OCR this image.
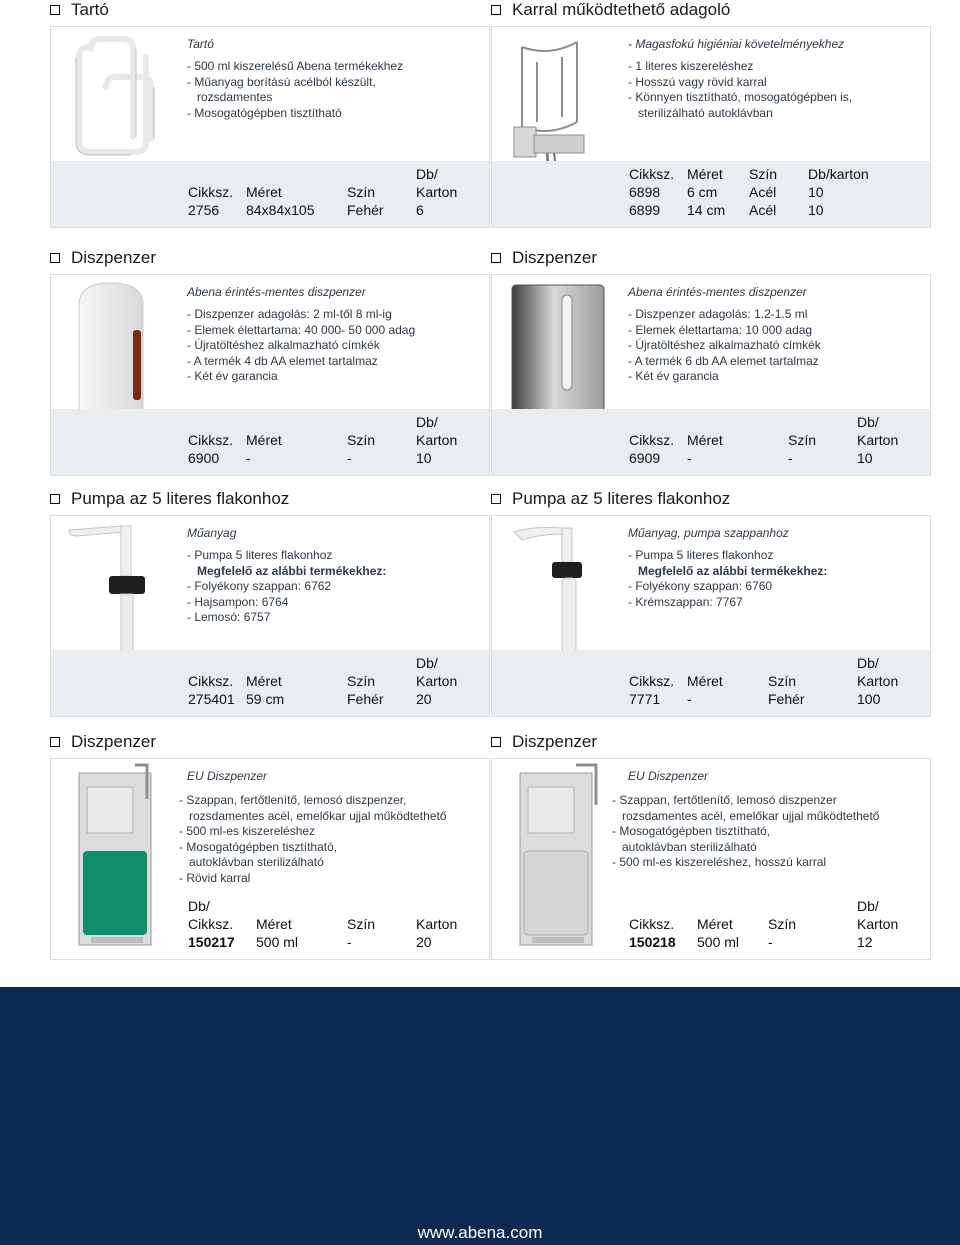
Tartó
Tartó
- 500 ml kiszerelésű Abena termékekhez
- Műanyag borítású acélból készült,
rozsdamentes
- Mosogatógépben tisztítható
Cikksz. Méret	Szín
Db/
Karton
2756 84x84x105 Fehér 6
Karral működtethető adagoló
- Magasfokú higiéniai követelményekhez
- 1 literes kiszereléshez
- Hosszú vagy rövid karral
- Könnyen tisztítható, mosogatógépben is,
sterilizálható autoklávban
Cikksz. Méret Szín Db/karton
6898 6 cm Acél 10
6899 14 cm Acél 10
Diszpenzer
Abena érintés-mentes diszpenzer
- Diszpenzer adagolás: 2 ml-től 8 ml-ig
- Elemek élettartama: 40 000- 50 000 adag
- Újratöltéshez alkalmazható címkék
- A termék 4 db AA elemet tartalmaz
- Két év garancia
Cikksz. Méret	Szín
Db/
Karton
6900 -	-	10
Diszpenzer
Abena érintés-mentes diszpenzer
- Diszpenzer adagolás: 1.2-1.5 ml
- Elemek élettartama: 10 000 adag
- Újratöltéshez alkalmazható címkék
- A termék 6 db AA elemet tartalmaz
- Két év garancia
Cikksz. Méret	Szín
Db/
Karton
6909 -	-	10
Pumpa az 5 literes flakonhoz
Műanyag
- Pumpa 5 literes flakonhoz
Megfelelő az alábbi termékekhez:
- Folyékony szappan: 6762
- Hajsampon: 6764
- Lemosó: 6757
Cikksz. Méret	Szín
Db/
Karton
275401 59 cm	Fehér 20
Pumpa az 5 literes flakonhoz
Műanyag, pumpa szappanhoz
- Pumpa 5 literes flakonhoz
Megfelelő az alábbi termékekhez:
- Folyékony szappan: 6760
- Krémszappan: 7767
Cikksz. Méret	Szín
Db/
Karton
7771 -	Fehér	100
Diszpenzer
EU Diszpenzer
- Szappan, fertőtlenítő, lemosó diszpenzer,
rozsdamentes acél, emelőkar ujjal működtethető
- 500 ml-es kiszereléshez
- Mosogatógépben tisztítható,
autoklávban sterilizálható
- Rövid karral
Db/
Cikksz. Méret	Szín	Karton
150217 500 ml	-	20
Diszpenzer
EU Diszpenzer
- Szappan, fertőtlenítő, lemosó diszpenzer
rozsdamentes acél, emelőkar ujjal működtethető
- Mosogatógépben tisztítható,
autoklávban sterilizálható
- 500 ml-es kiszereléshez, hosszú karral
Db/
Cikksz. Méret	Szín	Karton
150218 500 ml -	12
www.abena.com
